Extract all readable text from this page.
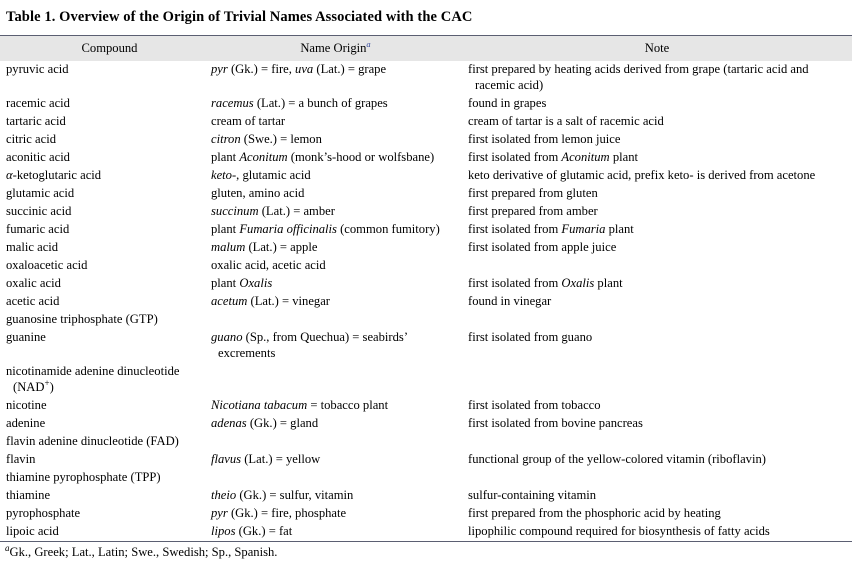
Table 1. Overview of the Origin of Trivial Names Associated with the CAC
Compound	Name Origin$^a$	Note
pyruvic acid	pyr (Gk.) = fire, uva (Lat.) = grape	first prepared by heating acids derived from grape (tartaric acid and racemic acid)
racemic acid	racemus (Lat.) = a bunch of grapes	found in grapes
tartaric acid	cream of tartar	cream of tartar is a salt of racemic acid
citric acid	citron (Swe.) = lemon	first isolated from lemon juice
aconitic acid	plant Aconitum (monk’s-hood or wolfsbane)	first isolated from Aconitum plant
α-ketoglutaric acid	keto-, glutamic acid	keto derivative of glutamic acid, prefix keto- is derived from acetone
glutamic acid	gluten, amino acid	first prepared from gluten
succinic acid	succinum (Lat.) = amber	first prepared from amber
fumaric acid	plant Fumaria officinalis (common fumitory)	first isolated from Fumaria plant
malic acid	malum (Lat.) = apple	first isolated from apple juice
oxaloacetic acid	oxalic acid, acetic acid	
oxalic acid	plant Oxalis	first isolated from Oxalis plant
acetic acid	acetum (Lat.) = vinegar	found in vinegar
guanosine triphosphate (GTP)		
guanine	guano (Sp., from Quechua) = seabirds’ excrements	first isolated from guano
nicotinamide adenine dinucleotide (NAD+)		
nicotine	Nicotiana tabacum = tobacco plant	first isolated from tobacco
adenine	adenas (Gk.) = gland	first isolated from bovine pancreas
flavin adenine dinucleotide (FAD)		
flavin	flavus (Lat.) = yellow	functional group of the yellow-colored vitamin (riboflavin)
thiamine pyrophosphate (TPP)		
thiamine	theio (Gk.) = sulfur, vitamin	sulfur-containing vitamin
pyrophosphate	pyr (Gk.) = fire, phosphate	first prepared from the phosphoric acid by heating
lipoic acid	lipos (Gk.) = fat	lipophilic compound required for biosynthesis of fatty acids
$^a$Gk., Greek; Lat., Latin; Swe., Swedish; Sp., Spanish.
